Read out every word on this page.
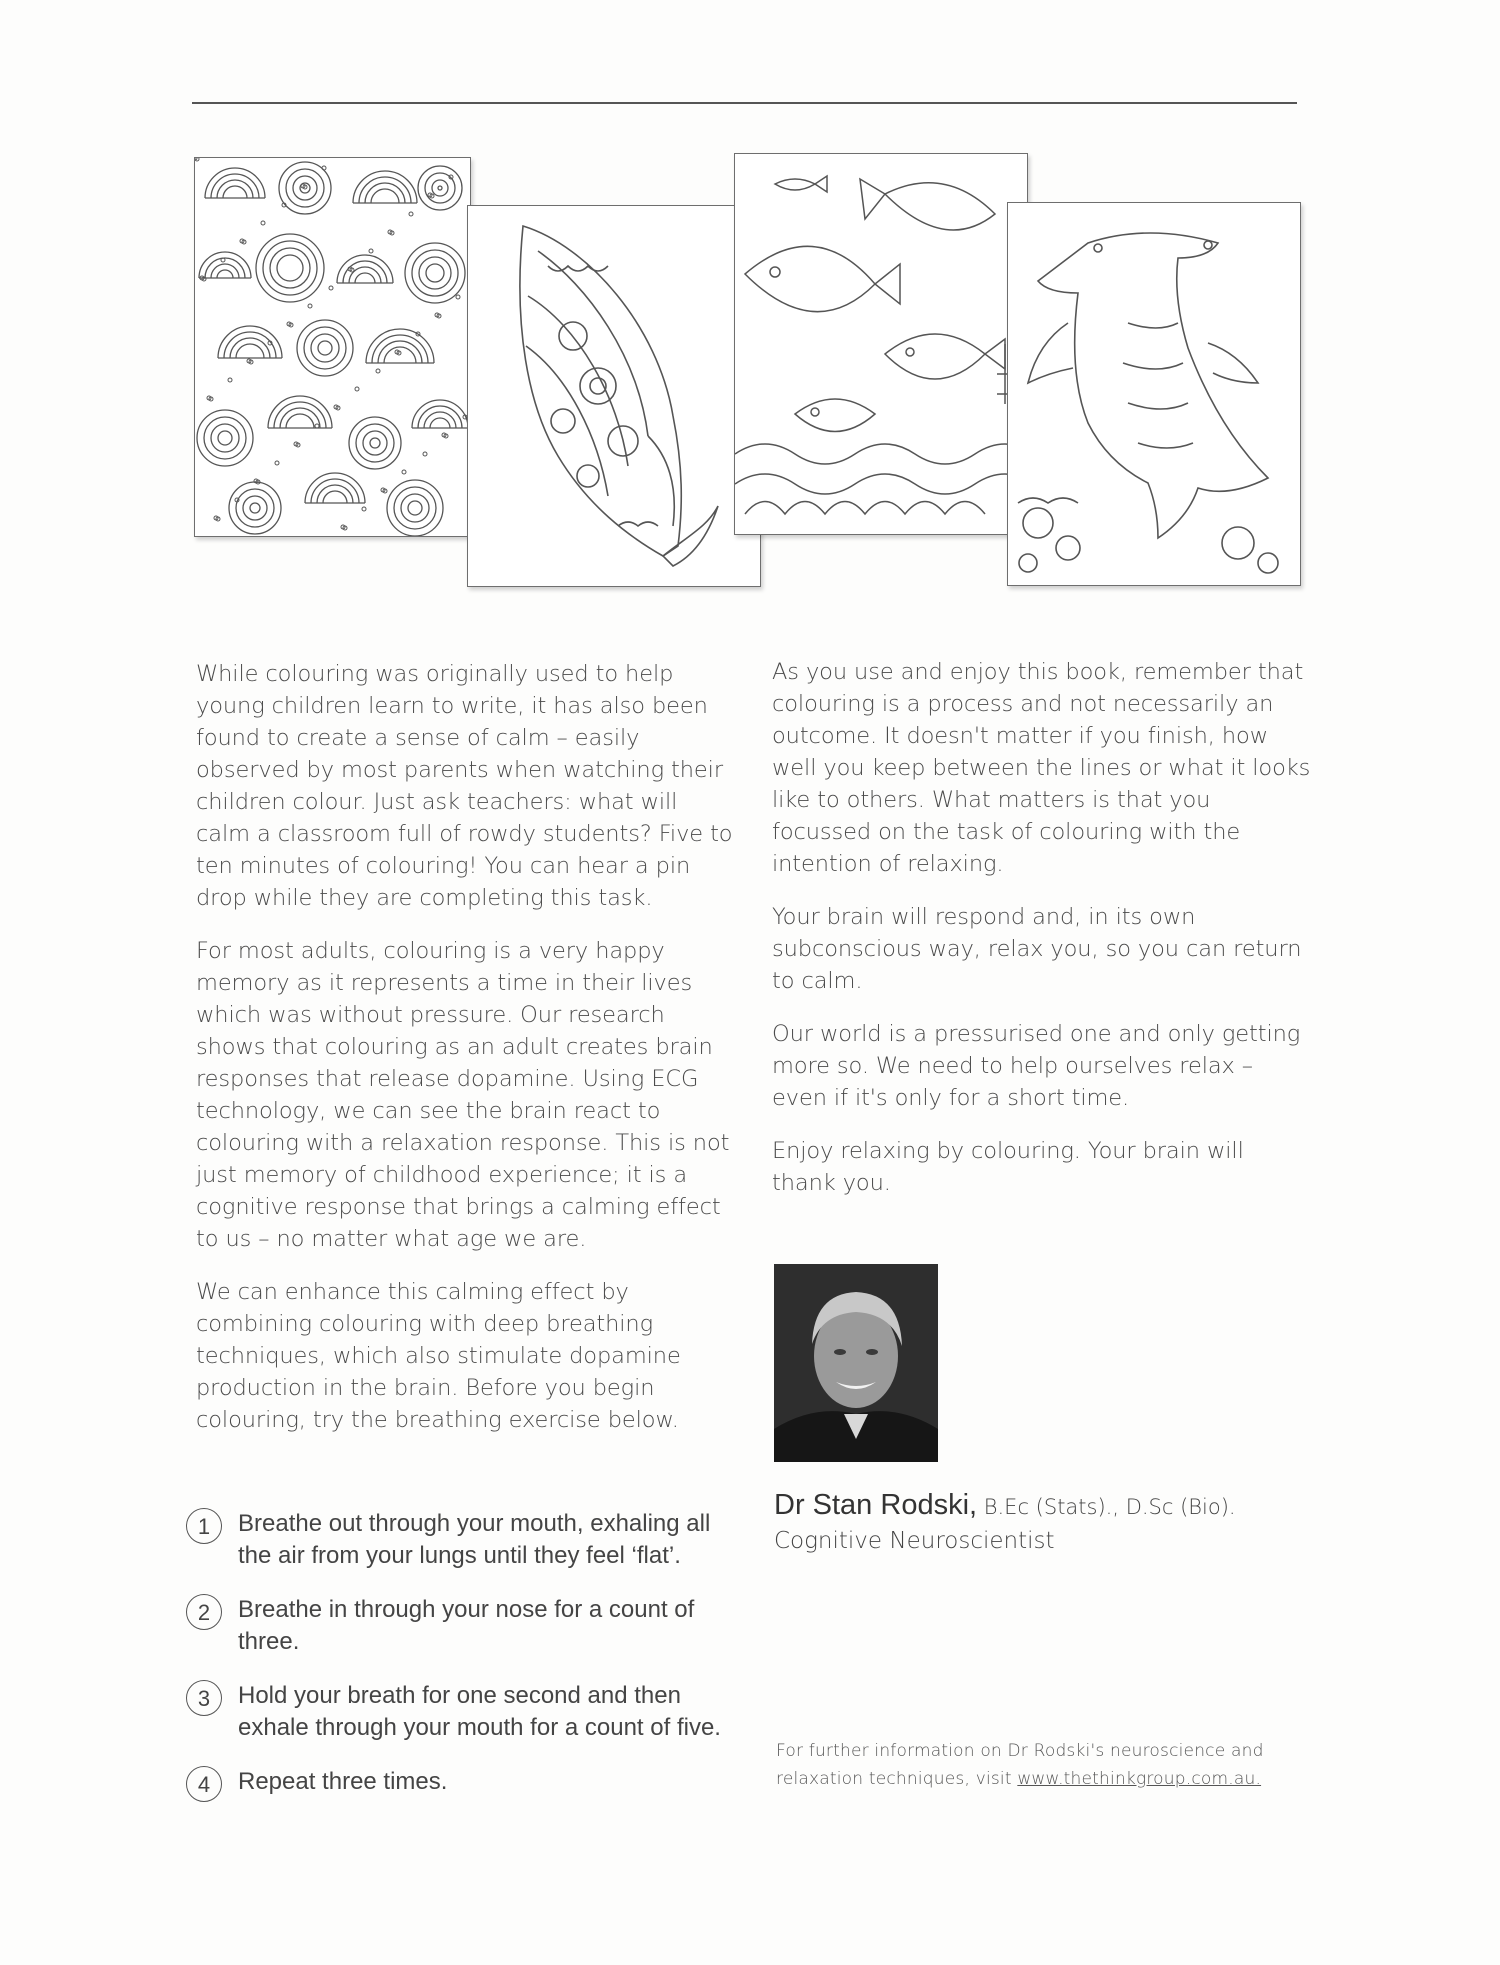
While colouring was originally used to help young children learn to write, it has also been found to create a sense of calm – easily observed by most parents when watching their children colour. Just ask teachers: what will calm a classroom full of rowdy students? Five to ten minutes of colouring! You can hear a pin drop while they are completing this task.

For most adults, colouring is a very happy memory as it represents a time in their lives which was without pressure. Our research shows that colouring as an adult creates brain responses that release dopamine. Using ECG technology, we can see the brain react to colouring with a relaxation response. This is not just memory of childhood experience; it is a cognitive response that brings a calming effect to us – no matter what age we are.

We can enhance this calming effect by combining colouring with deep breathing techniques, which also stimulate dopamine production in the brain. Before you begin colouring, try the breathing exercise below.

1	Breathe out through your mouth, exhaling all the air from your lungs until they feel ‘flat’.
2	Breathe in through your nose for a count of three.
3	Hold your breath for one second and then exhale through your mouth for a count of five.
4	Repeat three times.

As you use and enjoy this book, remember that colouring is a process and not necessarily an outcome. It doesn't matter if you finish, how well you keep between the lines or what it looks like to others. What matters is that you focussed on the task of colouring with the intention of relaxing.

Your brain will respond and, in its own subconscious way, relax you, so you can return to calm.

Our world is a pressurised one and only getting more so. We need to help ourselves relax – even if it's only for a short time.

Enjoy relaxing by colouring. Your brain will thank you.

Dr Stan Rodski, B.Ec (Stats)., D.Sc (Bio).
Cognitive Neuroscientist
For further information on Dr Rodski's neuroscience and
relaxation techniques, visit www.thethinkgroup.com.au.
